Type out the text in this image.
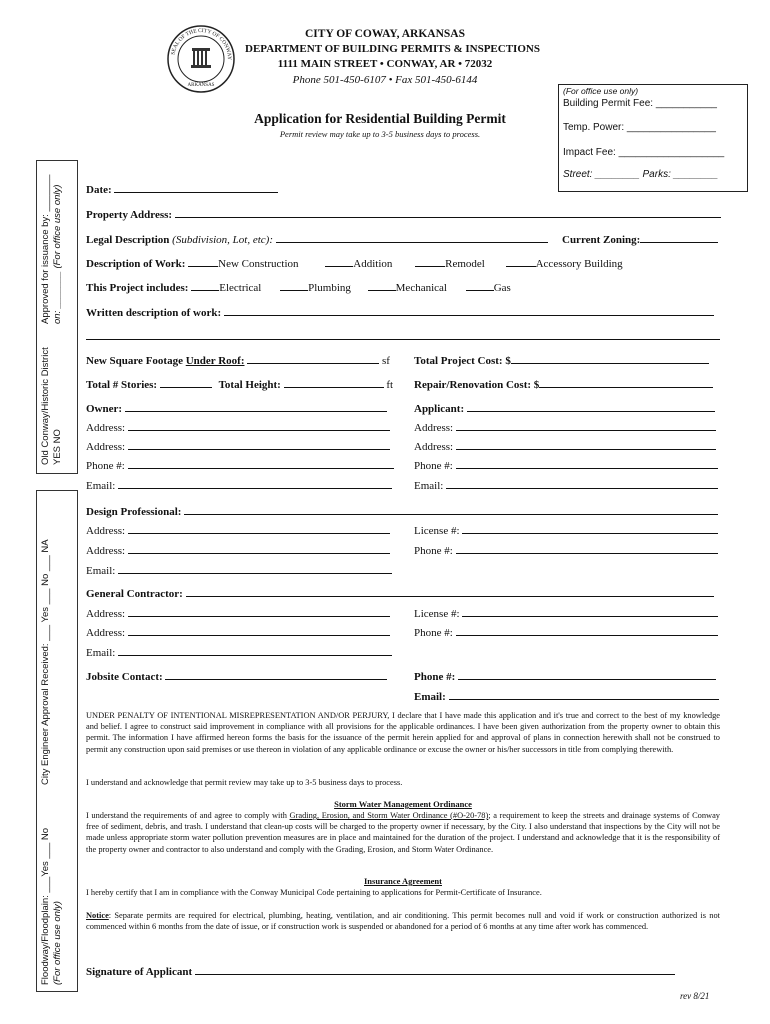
SEAL OF THE CITY OF CONWAY
ARKANSAS
CITY OF COWAY, ARKANSAS
DEPARTMENT OF BUILDING PERMITS & INSPECTIONS
1111 MAIN STREET • CONWAY, AR • 72032
Phone 501-450-6107 • Fax 501-450-6144
Application for Residential Building Permit
Permit review may take up to 3-5 business days to process.
(For office use only)
Building Permit Fee: ___________
Temp. Power: ________________
Impact Fee: ___________________
Street: ________ Parks: ________
Approved for issuance by: _______ on: _______ (For office use only)
Old Conway/Historic District YES NO
City Engineer Approval Received: ___ Yes ___ No ___ NA
Floodway/Floodplain: ___Yes ___ No (For office use only)
Date:
Property Address:
Legal Description (Subdivision, Lot, etc):	Current Zoning:
Description of Work:	New Construction	Addition	Remodel	Accessory Building
This Project includes:	Electrical	Plumbing	Mechanical	Gas
Written description of work:
New Square Footage Under Roof:	sf Total Project Cost: $
Total # Stories:	Total Height:	ft Repair/Renovation Cost: $
Owner:	Applicant:
Address:	Address:
Address:	Address:
Phone #:	Phone #:
Email:	Email:
Design Professional:
Address:	License #:
Address:	Phone #:
Email:
General Contractor:
Address:	License #:
Address:	Phone #:
Email:
Jobsite Contact:	Phone #:
Email:
UNDER PENALTY OF INTENTIONAL MISREPRESENTATION AND/OR PERJURY, I declare that I have made this application and it's true and correct to the best of my knowledge and belief. I agree to construct said improvement in compliance with all provisions for the applicable ordinances. I have been given authorization from the property owner to obtain this permit. The information I have affirmed hereon forms the basis for the issuance of the permit herein applied for and approval of plans in connection herewith shall not be construed to permit any construction upon said premises or use thereon in violation of any applicable ordinance or excuse the owner or his/her successors in title from complying therewith.
I understand and acknowledge that permit review may take up to 3-5 business days to process.
Storm Water Management Ordinance
I understand the requirements of and agree to comply with Grading, Erosion, and Storm Water Ordinance (#O-20-78); a requirement to keep the streets and drainage systems of Conway free of sediment, debris, and trash. I understand that clean-up costs will be charged to the property owner if necessary, by the City. I also understand that inspections by the City will not be made unless appropriate storm water pollution prevention measures are in place and maintained for the duration of the project. I understand and acknowledge that it is the responsibility of the property owner and contractor to also understand and comply with the Grading, Erosion, and Storm Water Ordinance.
Insurance Agreement
I hereby certify that I am in compliance with the Conway Municipal Code pertaining to applications for Permit-Certificate of Insurance.
Notice: Separate permits are required for electrical, plumbing, heating, ventilation, and air conditioning. This permit becomes null and void if work or construction authorized is not commenced within 6 months from the date of issue, or if construction work is suspended or abandoned for a period of 6 months at any time after work has commenced.
Signature of Applicant
rev 8/21
